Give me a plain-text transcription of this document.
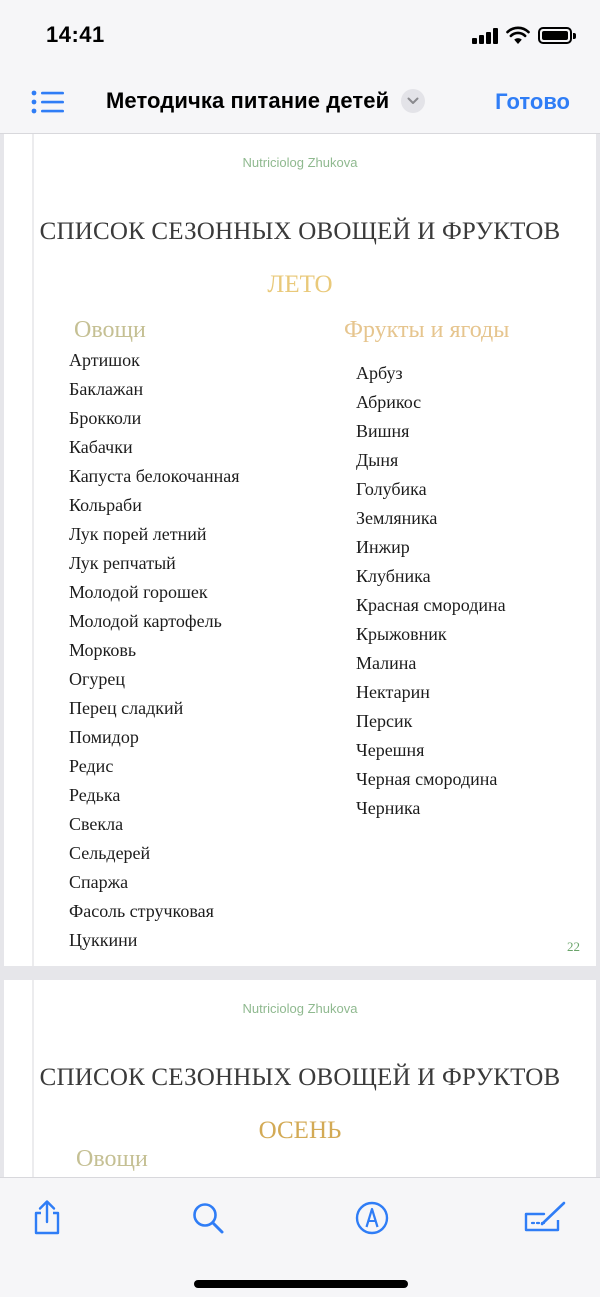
14:41
Методичка питание детей	Готово
Nutriciolog Zhukova
СПИСОК СЕЗОННЫХ ОВОЩЕЙ И ФРУКТОВ
ЛЕТО
Овощи	Фрукты и ягоды
Артишок
Баклажан
Брокколи
Кабачки
Капуста белокочанная
Кольраби
Лук порей летний
Лук репчатый
Молодой горошек
Молодой картофель
Морковь
Огурец
Перец сладкий
Помидор
Редис
Редька
Свекла
Сельдерей
Спаржа
Фасоль стручковая
Цуккини
Арбуз
Абрикос
Вишня
Дыня
Голубика
Земляника
Инжир
Клубника
Красная смородина
Крыжовник
Малина
Нектарин
Персик
Черешня
Черная смородина
Черника
22
Nutriciolog Zhukova
СПИСОК СЕЗОННЫХ ОВОЩЕЙ И ФРУКТОВ
ОСЕНЬ
Овощи
